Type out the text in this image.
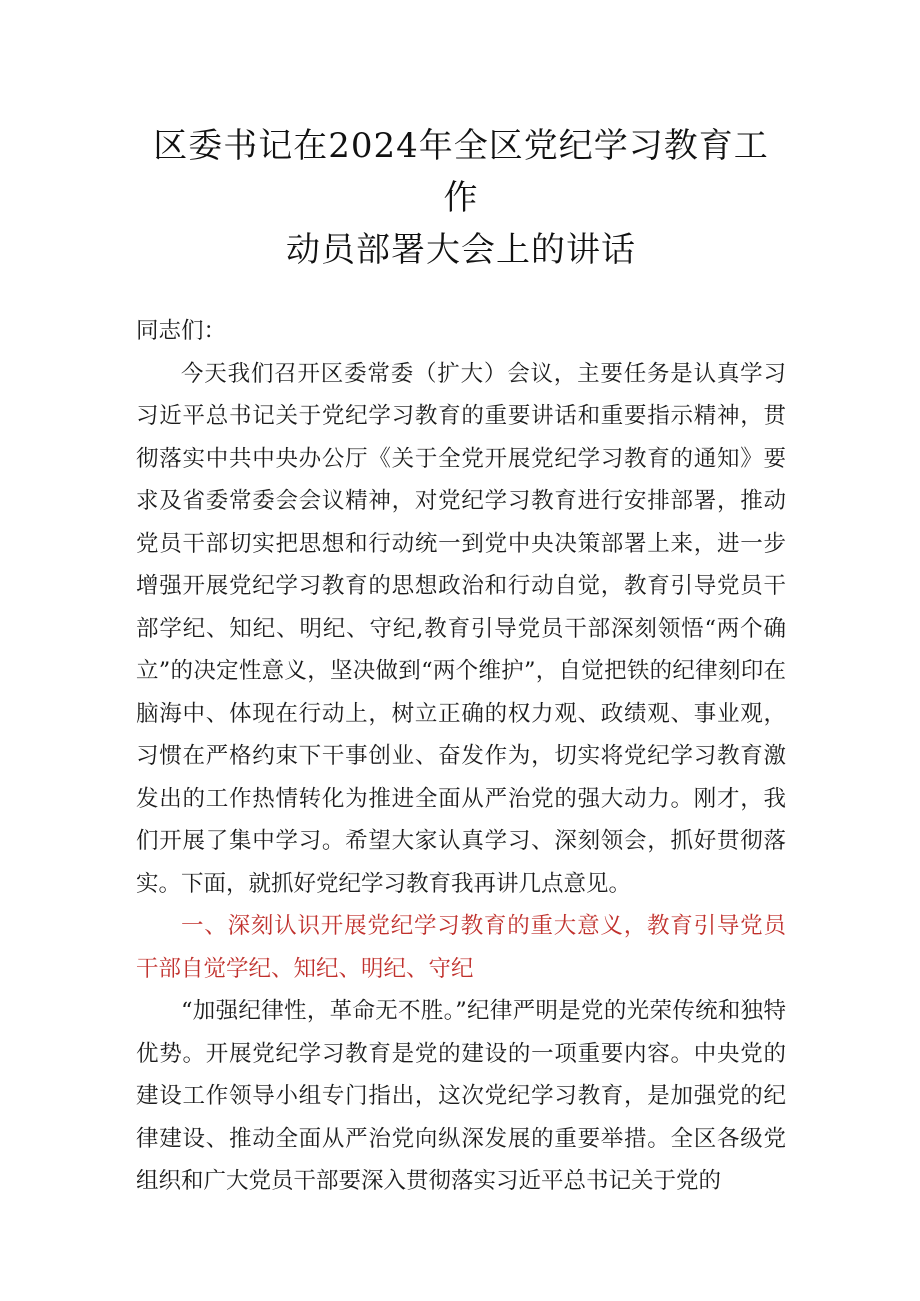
区委书记在2024年全区党纪学习教育工作
动员部署大会上的讲话

同志们：

今天我们召开区委常委（扩大）会议，主要任务是认真学习习近平总书记关于党纪学习教育的重要讲话和重要指示精神，贯彻落实中共中央办公厅《关于全党开展党纪学习教育的通知》要求及省委常委会会议精神，对党纪学习教育进行安排部署，推动党员干部切实把思想和行动统一到党中央决策部署上来，进一步增强开展党纪学习教育的思想政治和行动自觉，教育引导党员干部学纪、知纪、明纪、守纪,教育引导党员干部深刻领悟“两个确立”的决定性意义，坚决做到“两个维护”，自觉把铁的纪律刻印在脑海中、体现在行动上，树立正确的权力观、政绩观、事业观，习惯在严格约束下干事创业、奋发作为，切实将党纪学习教育激发出的工作热情转化为推进全面从严治党的强大动力。刚才，我们开展了集中学习。希望大家认真学习、深刻领会，抓好贯彻落实。下面，就抓好党纪学习教育我再讲几点意见。

一、深刻认识开展党纪学习教育的重大意义，教育引导党员干部自觉学纪、知纪、明纪、守纪

“加强纪律性，革命无不胜。”纪律严明是党的光荣传统和独特优势。开展党纪学习教育是党的建设的一项重要内容。中央党的建设工作领导小组专门指出，这次党纪学习教育，是加强党的纪律建设、推动全面从严治党向纵深发展的重要举措。全区各级党组织和广大党员干部要深入贯彻落实习近平总书记关于党的
